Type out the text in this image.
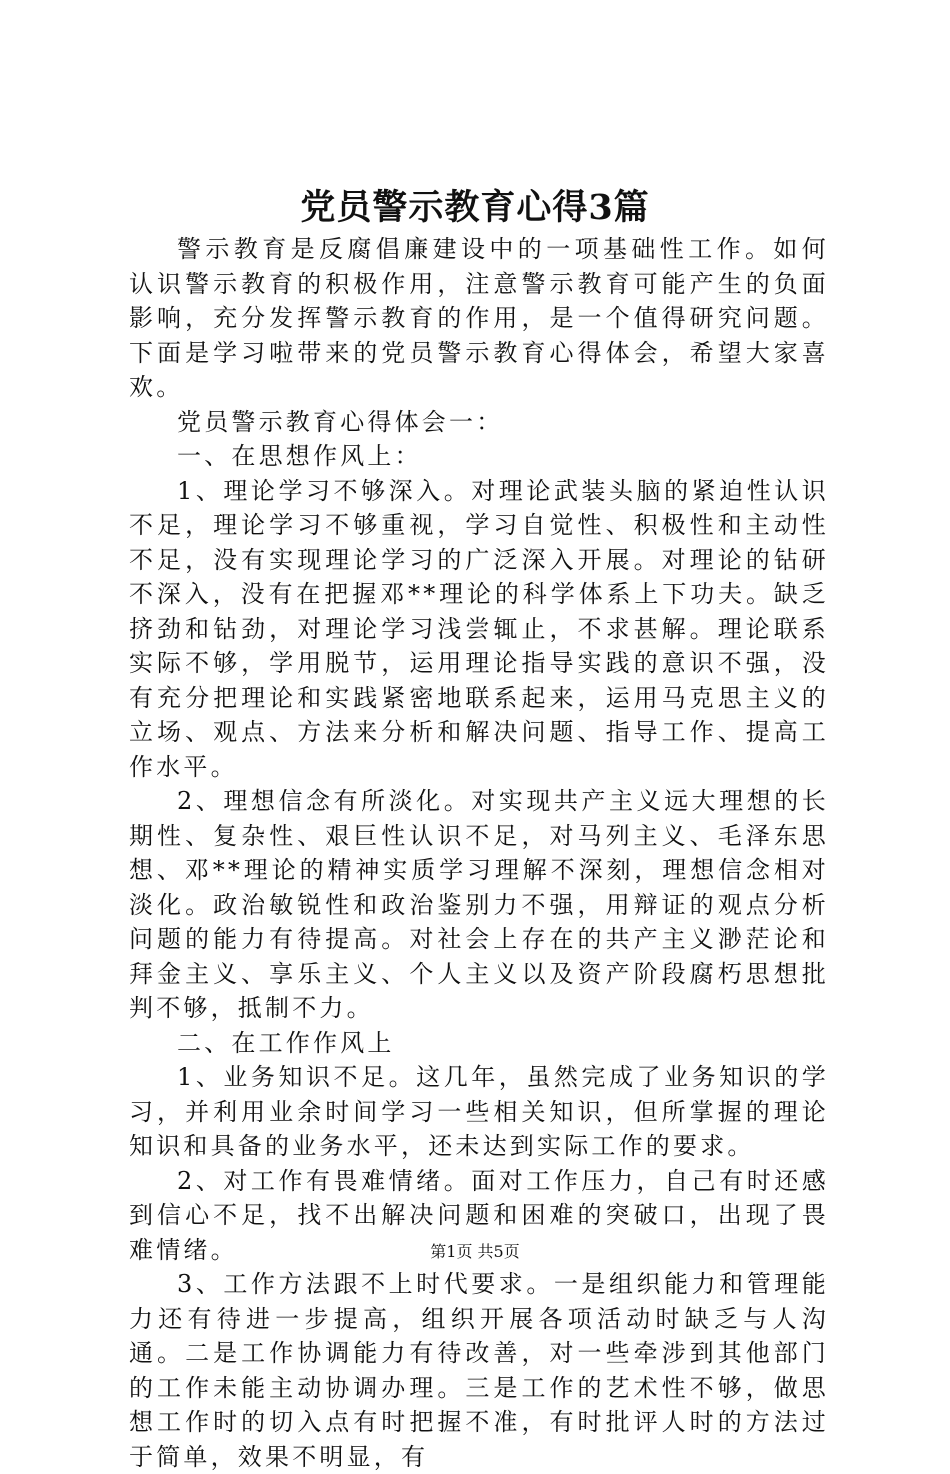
党员警示教育心得3篇

警示教育是反腐倡廉建设中的一项基础性工作。如何认识警示教育的积极作用，注意警示教育可能产生的负面影响，充分发挥警示教育的作用，是一个值得研究问题。下面是学习啦带来的党员警示教育心得体会，希望大家喜欢。

党员警示教育心得体会一：

一、在思想作风上：

1、理论学习不够深入。对理论武装头脑的紧迫性认识不足，理论学习不够重视，学习自觉性、积极性和主动性不足，没有实现理论学习的广泛深入开展。对理论的钻研不深入，没有在把握邓**理论的科学体系上下功夫。缺乏挤劲和钻劲，对理论学习浅尝辄止，不求甚解。理论联系实际不够，学用脱节，运用理论指导实践的意识不强，没有充分把理论和实践紧密地联系起来，运用马克思主义的立场、观点、方法来分析和解决问题、指导工作、提高工作水平。

2、理想信念有所淡化。对实现共产主义远大理想的长期性、复杂性、艰巨性认识不足，对马列主义、毛泽东思想、邓**理论的精神实质学习理解不深刻，理想信念相对淡化。政治敏锐性和政治鉴别力不强，用辩证的观点分析问题的能力有待提高。对社会上存在的共产主义渺茫论和拜金主义、享乐主义、个人主义以及资产阶段腐朽思想批判不够，抵制不力。

二、在工作作风上

1、业务知识不足。这几年，虽然完成了业务知识的学习，并利用业余时间学习一些相关知识，但所掌握的理论知识和具备的业务水平，还未达到实际工作的要求。

2、对工作有畏难情绪。面对工作压力，自己有时还感到信心不足，找不出解决问题和困难的突破口，出现了畏难情绪。

3、工作方法跟不上时代要求。一是组织能力和管理能力还有待进一步提高，组织开展各项活动时缺乏与人沟通。二是工作协调能力有待改善，对一些牵涉到其他部门的工作未能主动协调办理。三是工作的艺术性不够，做思想工作时的切入点有时把握不准，有时批评人时的方法过于简单，效果不明显，有

第1页 共5页
